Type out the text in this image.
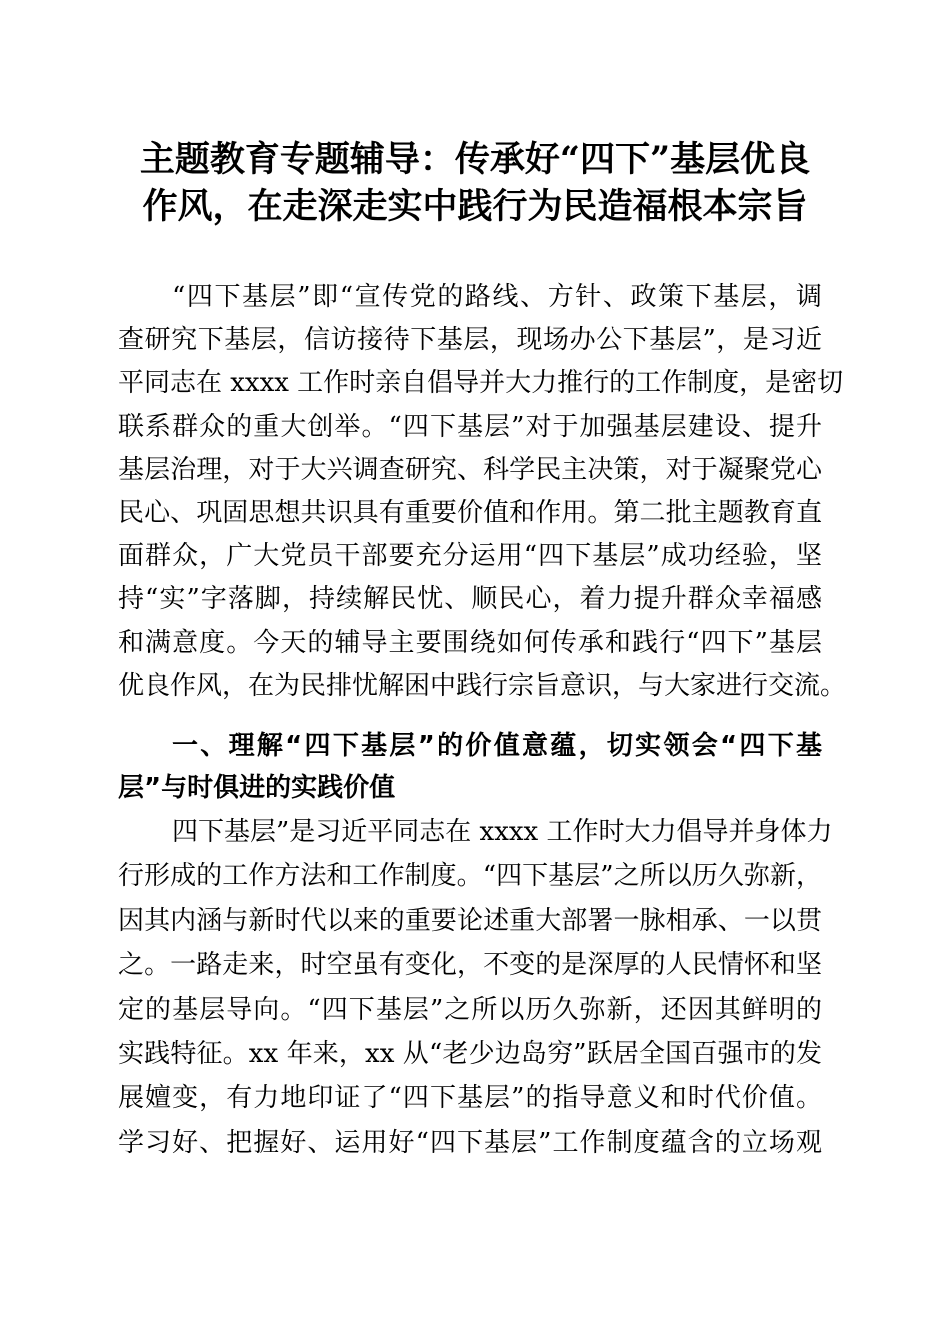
主题教育专题辅导：传承好“四下”基层优良
作风，在走深走实中践行为民造福根本宗旨
“四下基层”即“宣传党的路线、方针、政策下基层，调
查研究下基层，信访接待下基层，现场办公下基层”，是习近
平同志在 xxxx 工作时亲自倡导并大力推行的工作制度，是密切
联系群众的重大创举。“四下基层”对于加强基层建设、提升
基层治理，对于大兴调查研究、科学民主决策，对于凝聚党心
民心、巩固思想共识具有重要价值和作用。第二批主题教育直
面群众，广大党员干部要充分运用“四下基层”成功经验，坚
持“实”字落脚，持续解民忧、顺民心，着力提升群众幸福感
和满意度。今天的辅导主要围绕如何传承和践行“四下”基层
优良作风，在为民排忧解困中践行宗旨意识，与大家进行交流。
一、理解“四下基层”的价值意蕴，切实领会“四下基
层”与时俱进的实践价值
四下基层”是习近平同志在 xxxx 工作时大力倡导并身体力
行形成的工作方法和工作制度。“四下基层”之所以历久弥新，
因其内涵与新时代以来的重要论述重大部署一脉相承、一以贯
之。一路走来，时空虽有变化，不变的是深厚的人民情怀和坚
定的基层导向。“四下基层”之所以历久弥新，还因其鲜明的
实践特征。xx 年来，xx 从“老少边岛穷”跃居全国百强市的发
展嬗变，有力地印证了“四下基层”的指导意义和时代价值。
学习好、把握好、运用好“四下基层”工作制度蕴含的立场观
